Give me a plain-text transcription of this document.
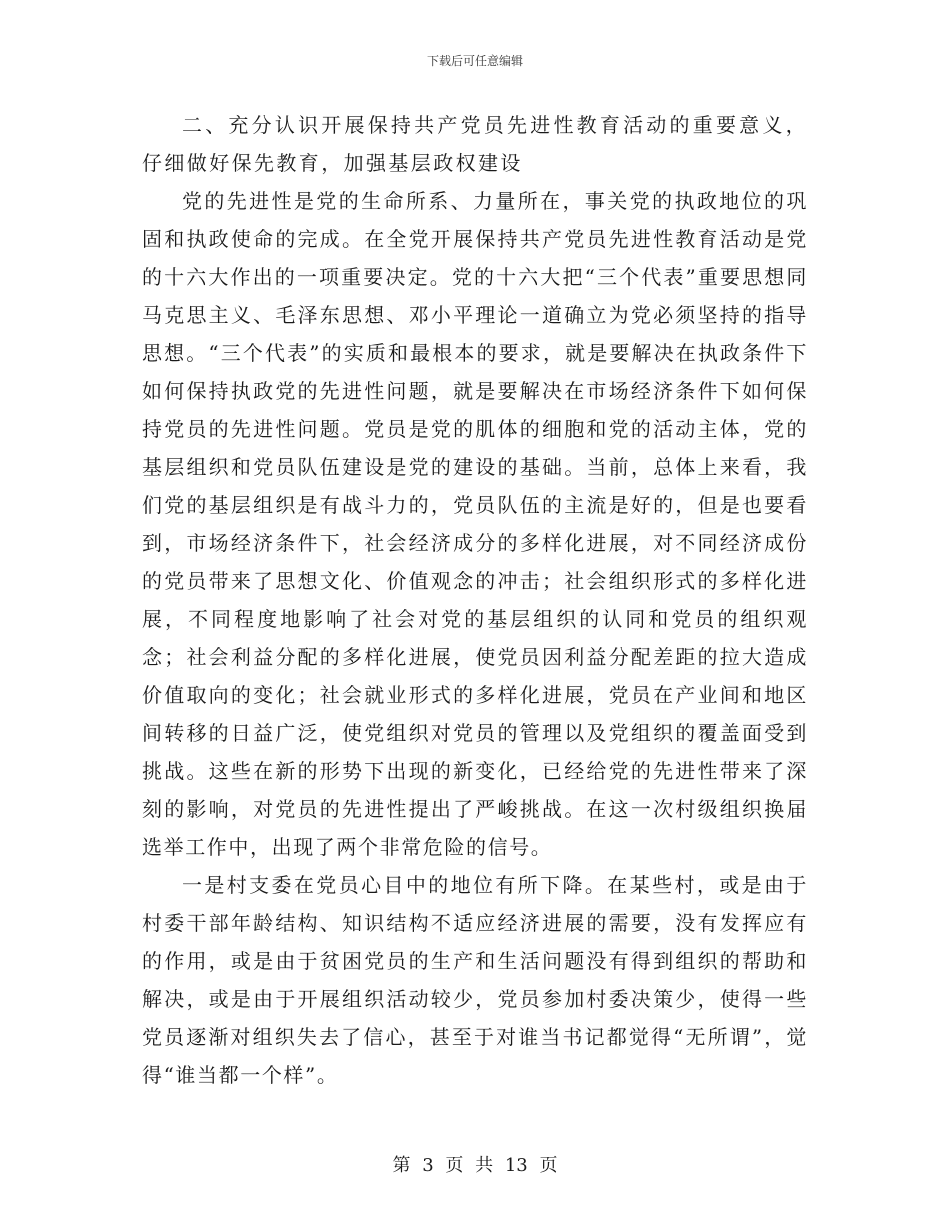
下载后可任意编辑

二、充分认识开展保持共产党员先进性教育活动的重要意义，仔细做好保先教育，加强基层政权建设

党的先进性是党的生命所系、力量所在，事关党的执政地位的巩固和执政使命的完成。在全党开展保持共产党员先进性教育活动是党的十六大作出的一项重要决定。党的十六大把“三个代表”重要思想同马克思主义、毛泽东思想、邓小平理论一道确立为党必须坚持的指导思想。“三个代表”的实质和最根本的要求，就是要解决在执政条件下如何保持执政党的先进性问题，就是要解决在市场经济条件下如何保持党员的先进性问题。党员是党的肌体的细胞和党的活动主体，党的基层组织和党员队伍建设是党的建设的基础。当前，总体上来看，我们党的基层组织是有战斗力的，党员队伍的主流是好的，但是也要看到，市场经济条件下，社会经济成分的多样化进展，对不同经济成份的党员带来了思想文化、价值观念的冲击；社会组织形式的多样化进展，不同程度地影响了社会对党的基层组织的认同和党员的组织观念；社会利益分配的多样化进展，使党员因利益分配差距的拉大造成价值取向的变化；社会就业形式的多样化进展，党员在产业间和地区间转移的日益广泛，使党组织对党员的管理以及党组织的覆盖面受到挑战。这些在新的形势下出现的新变化，已经给党的先进性带来了深刻的影响，对党员的先进性提出了严峻挑战。在这一次村级组织换届选举工作中，出现了两个非常危险的信号。

一是村支委在党员心目中的地位有所下降。在某些村，或是由于村委干部年龄结构、知识结构不适应经济进展的需要，没有发挥应有的作用，或是由于贫困党员的生产和生活问题没有得到组织的帮助和解决，或是由于开展组织活动较少，党员参加村委决策少，使得一些党员逐渐对组织失去了信心，甚至于对谁当书记都觉得“无所谓”，觉得“谁当都一个样”。

第 3 页 共 13 页
